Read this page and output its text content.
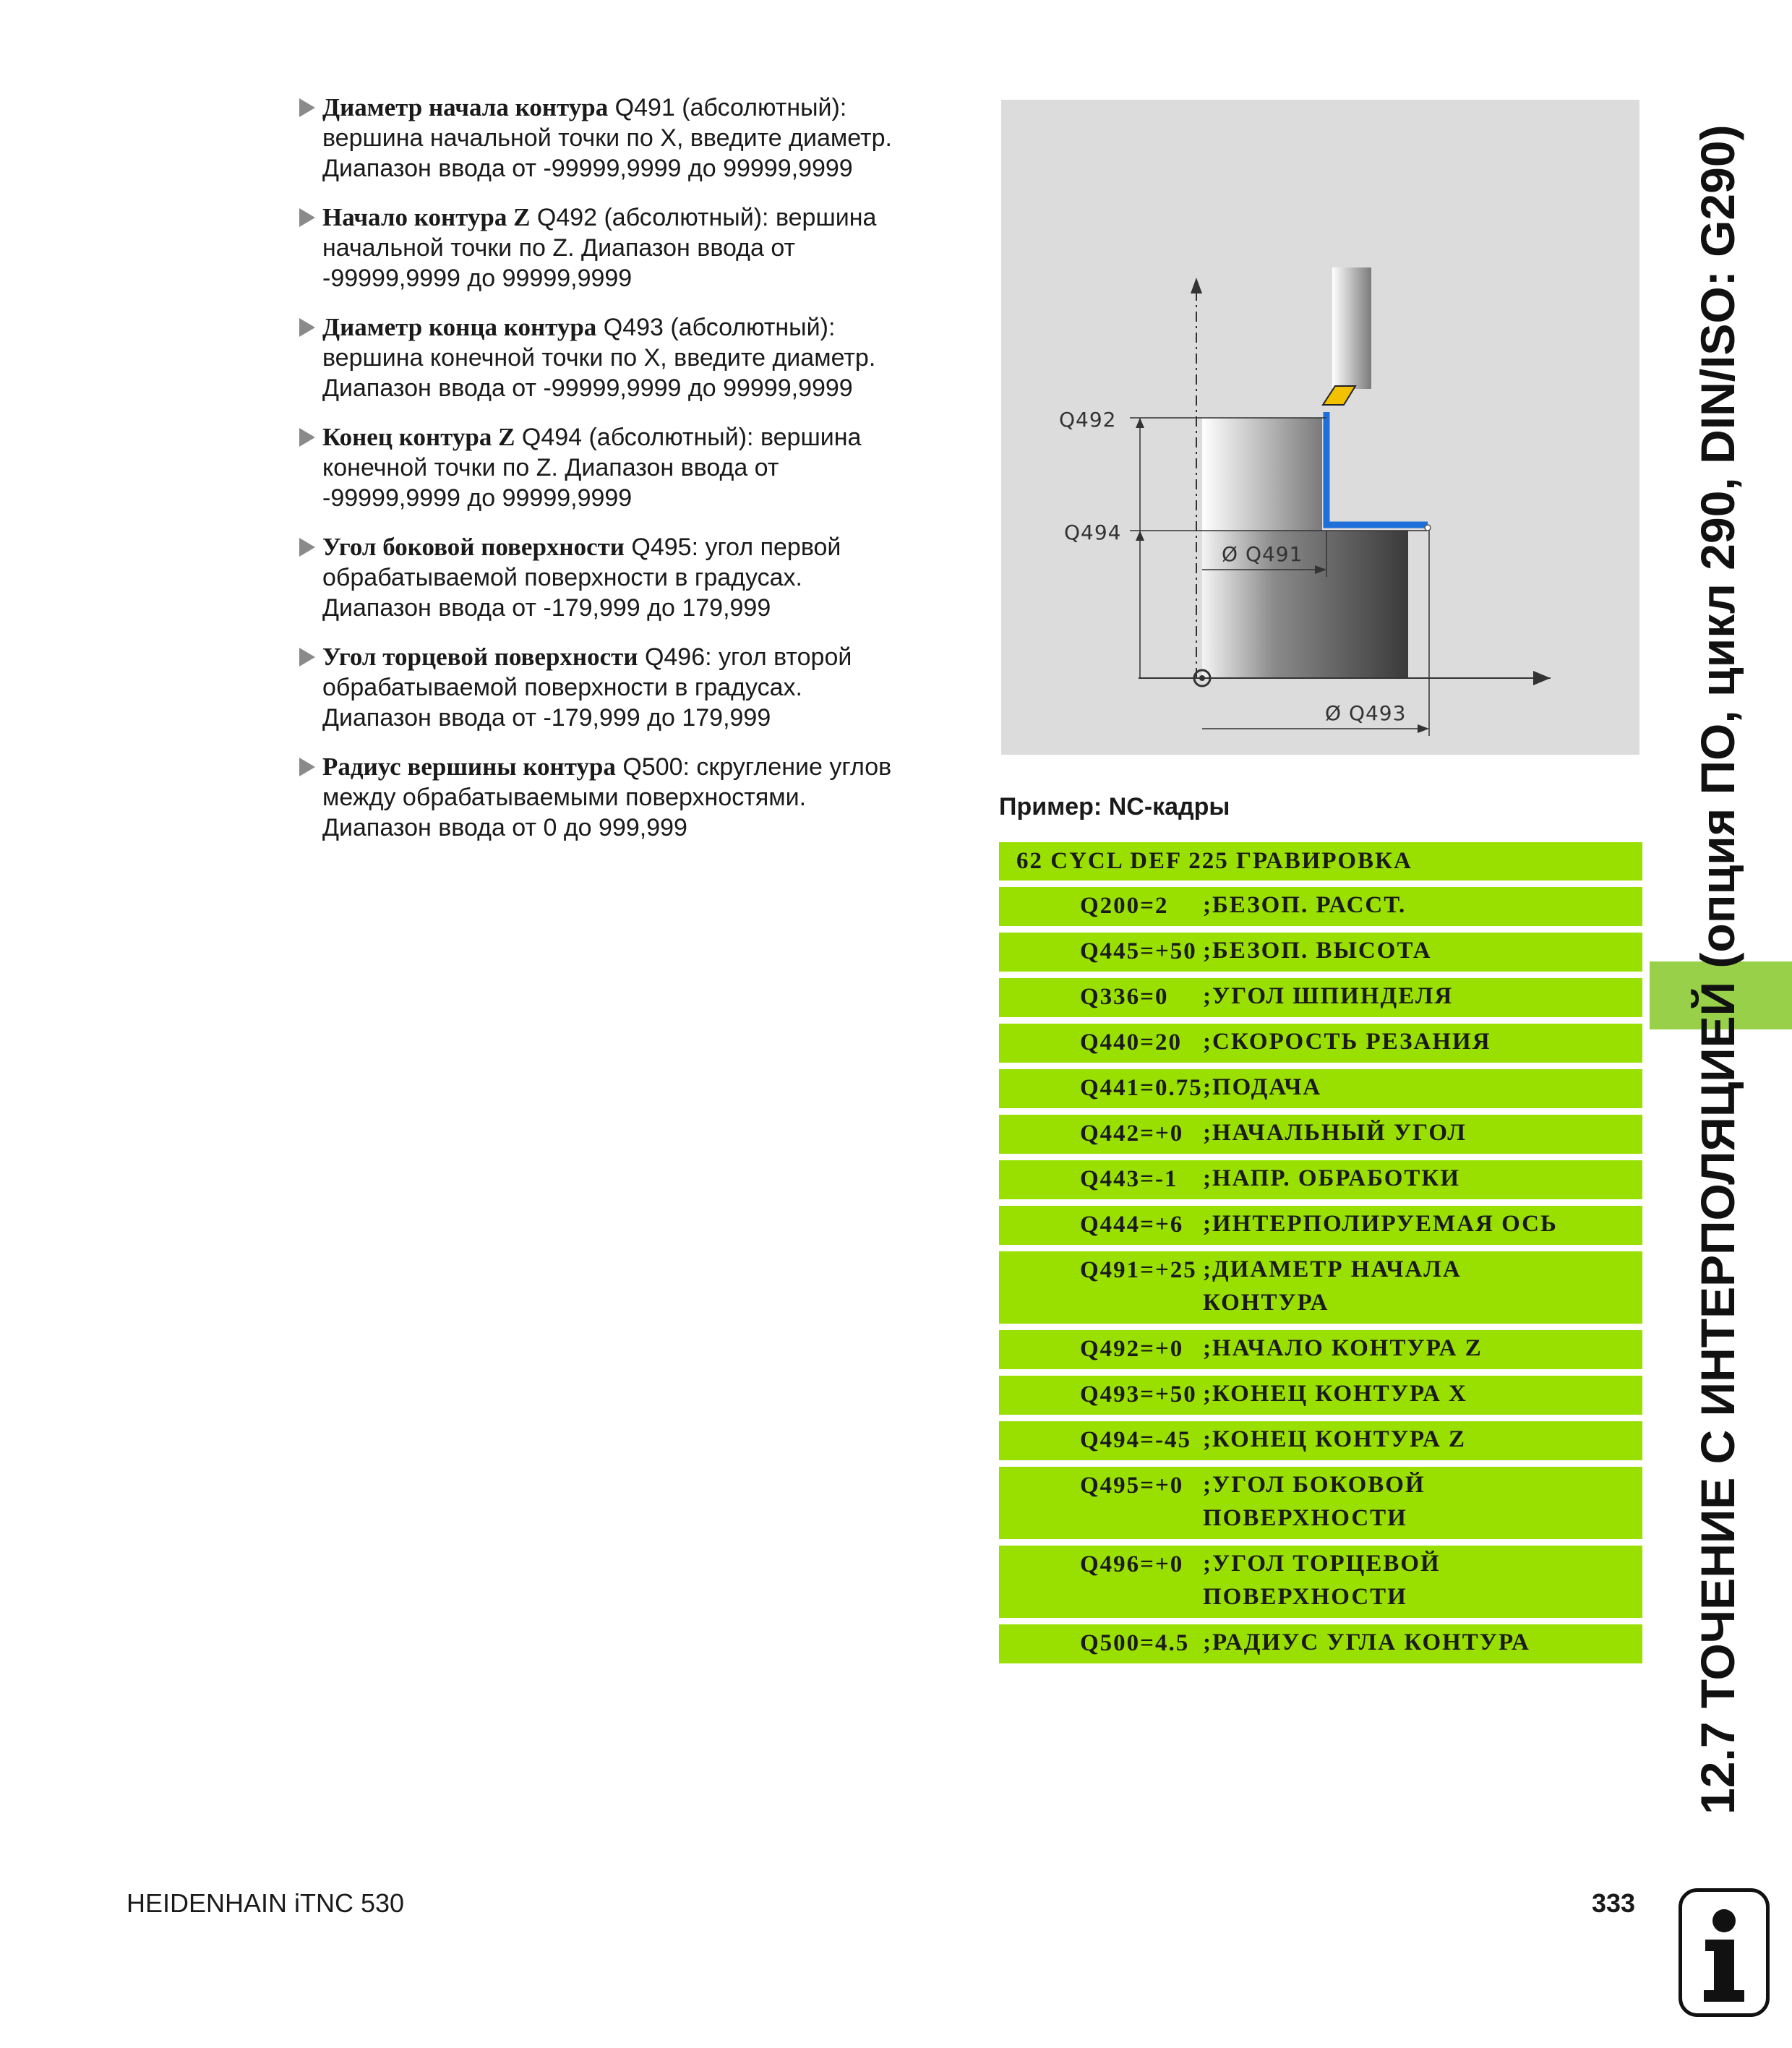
Диаметр начала контура Q491 (абсолютный):
вершина начальной точки по X, введите диаметр.
Диапазон ввода от -99999,9999 до 99999,9999
Начало контура Z Q492 (абсолютный): вершина
начальной точки по Z. Диапазон ввода от
-99999,9999 до 99999,9999
Диаметр конца контура Q493 (абсолютный):
вершина конечной точки по X, введите диаметр.
Диапазон ввода от -99999,9999 до 99999,9999
Конец контура Z Q494 (абсолютный): вершина
конечной точки по Z. Диапазон ввода от
-99999,9999 до 99999,9999
Угол боковой поверхности Q495: угол первой
обрабатываемой поверхности в градусах.
Диапазон ввода от -179,999 до 179,999
Угол торцевой поверхности Q496: угол второй
обрабатываемой поверхности в градусах.
Диапазон ввода от -179,999 до 179,999
Радиус вершины контура Q500: скругление углов
между обрабатываемыми поверхностями.
Диапазон ввода от 0 до 999,999
Q492
Q494
Ø Q491
Ø Q493
Пример: NC-кадры
62 CYCL DEF 225 ГРАВИРОВКА
Q200=2	;БЕЗОП. РАССТ.
Q445=+50 ;БЕЗОП. ВЫСОТА
Q336=0	;УГОЛ ШПИНДЕЛЯ
Q440=20 ;СКОРОСТЬ РЕЗАНИЯ
Q441=0.75 ;ПОДАЧА
Q442=+0 ;НАЧАЛЬНЫЙ УГОЛ
Q443=-1	;НАПР. ОБРАБОТКИ
Q444=+6 ;ИНТЕРПОЛИРУЕМАЯ ОСЬ
Q491=+25 ;ДИАМЕТР НАЧАЛА
КОНТУРА
Q492=+0 ;НАЧАЛО КОНТУРА Z
Q493=+50 ;КОНЕЦ КОНТУРА X
Q494=-45 ;КОНЕЦ КОНТУРА Z
Q495=+0 ;УГОЛ БОКОВОЙ
ПОВЕРХНОСТИ
Q496=+0 ;УГОЛ ТОРЦЕВОЙ
ПОВЕРХНОСТИ
Q500=4.5 ;РАДИУС УГЛА КОНТУРА	12.7 ТОЧЕНИЕ С ИНТЕРПОЛЯЦИЕЙ (опция ПО, цикл 290, DIN/ISO: G290)
HEIDENHAIN iTNC 530	333
